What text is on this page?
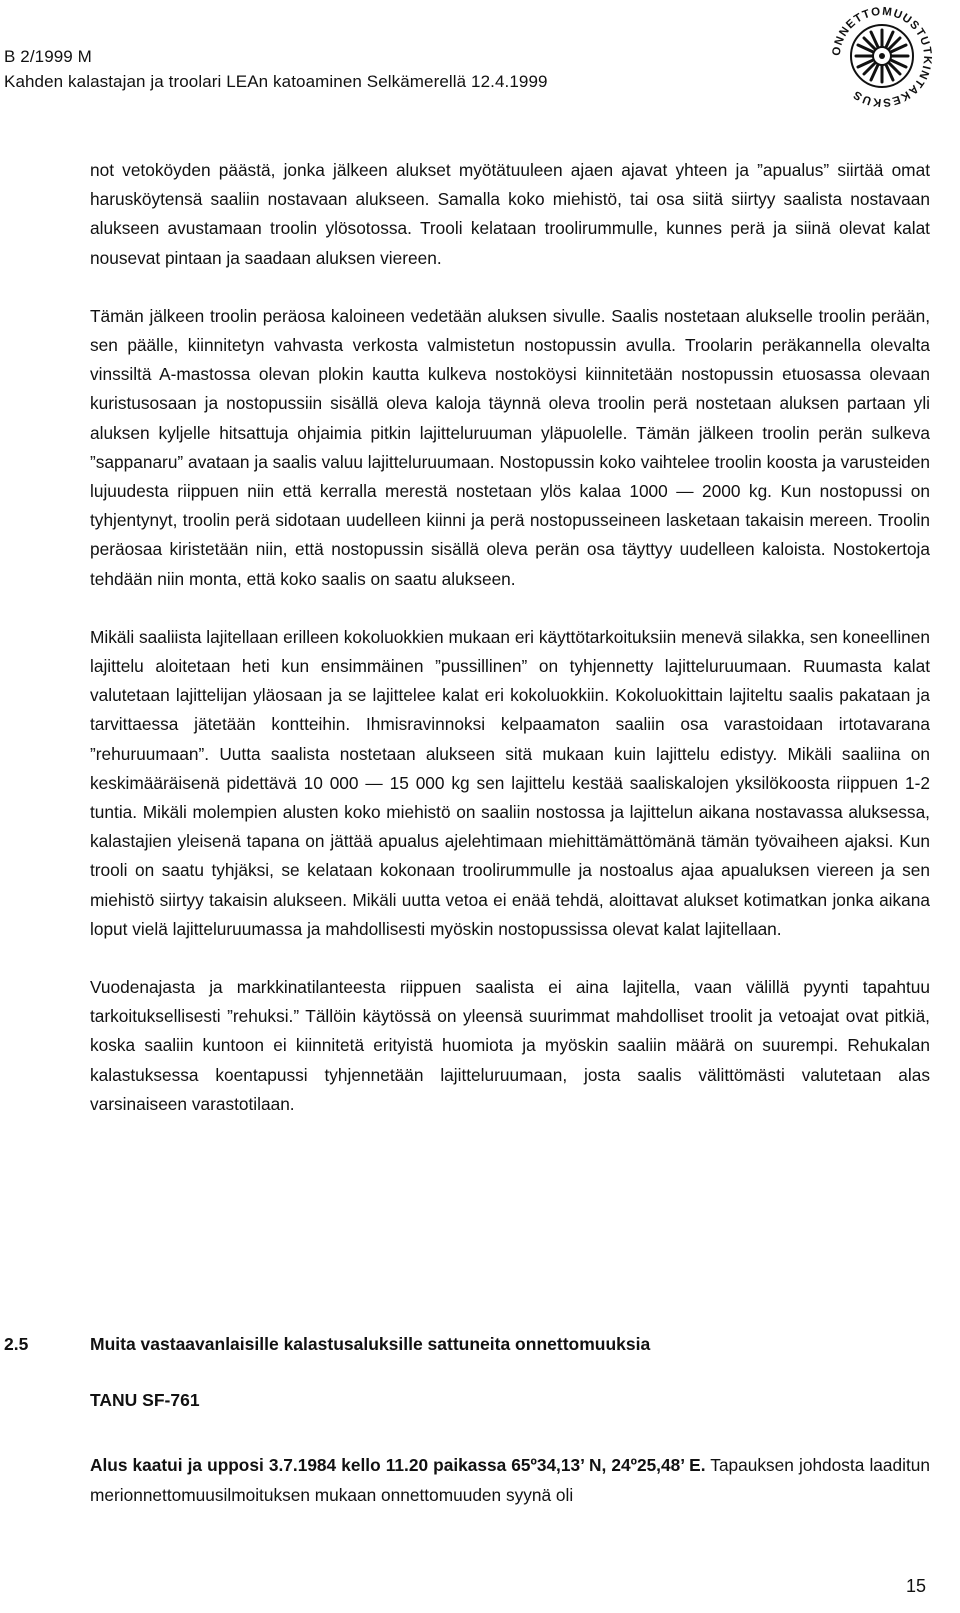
B 2/1999 M
Kahden kalastajan ja troolari LEAn katoaminen Selkämerellä 12.4.1999
ONNETTOMUUSTUTKINTAKESKUS

not vetoköyden päästä, jonka jälkeen alukset myötätuuleen ajaen ajavat yhteen ja ”apualus” siirtää omat harusköytensä saaliin nostavaan alukseen. Samalla koko miehistö, tai osa siitä siirtyy saalista nostavaan alukseen avustamaan troolin ylösotossa. Trooli kelataan troolirummulle, kunnes perä ja siinä olevat kalat nousevat pintaan ja saadaan aluksen viereen.

Tämän jälkeen troolin peräosa kaloineen vedetään aluksen sivulle. Saalis nostetaan alukselle troolin perään, sen päälle, kiinnitetyn vahvasta verkosta valmistetun nostopussin avulla. Troolarin peräkannella olevalta vinssiltä A-mastossa olevan plokin kautta kulkeva nostoköysi kiinnitetään nostopussin etuosassa olevaan kuristusosaan ja nostopussiin sisällä oleva kaloja täynnä oleva troolin perä nostetaan aluksen partaan yli aluksen kyljelle hitsattuja ohjaimia pitkin lajitteluruuman yläpuolelle. Tämän jälkeen troolin perän sulkeva ”sappanaru” avataan ja saalis valuu lajitteluruumaan. Nostopussin koko vaihtelee troolin koosta ja varusteiden lujuudesta riippuen niin että kerralla merestä nostetaan ylös kalaa 1000 — 2000 kg. Kun nostopussi on tyhjentynyt, troolin perä sidotaan uudelleen kiinni ja perä nostopusseineen lasketaan takaisin mereen. Troolin peräosaa kiristetään niin, että nostopussin sisällä oleva perän osa täyttyy uudelleen kaloista. Nostokertoja tehdään niin monta, että koko saalis on saatu alukseen.

Mikäli saaliista lajitellaan erilleen kokoluokkien mukaan eri käyttötarkoituksiin menevä silakka, sen koneellinen lajittelu aloitetaan heti kun ensimmäinen ”pussillinen” on tyhjennetty lajitteluruumaan. Ruumasta kalat valutetaan lajittelijan yläosaan ja se lajittelee kalat eri kokoluokkiin. Kokoluokittain lajiteltu saalis pakataan ja tarvittaessa jätetään kontteihin. Ihmisravinnoksi kelpaamaton saaliin osa varastoidaan irtotavarana ”rehuruumaan”. Uutta saalista nostetaan alukseen sitä mukaan kuin lajittelu edistyy. Mikäli saaliina on keskimääräisenä pidettävä 10 000 — 15 000 kg sen lajittelu kestää saaliskalojen yksilökoosta riippuen 1-2 tuntia. Mikäli molempien alusten koko miehistö on saaliin nostossa ja lajittelun aikana nostavassa aluksessa, kalastajien yleisenä tapana on jättää apualus ajelehtimaan miehittämättömänä tämän työvaiheen ajaksi. Kun trooli on saatu tyhjäksi, se kelataan kokonaan troolirummulle ja nostoalus ajaa apualuksen viereen ja sen miehistö siirtyy takaisin alukseen. Mikäli uutta vetoa ei enää tehdä, aloittavat alukset kotimatkan jonka aikana loput vielä lajitteluruumassa ja mahdollisesti myöskin nostopussissa olevat kalat lajitellaan.

Vuodenajasta ja markkinatilanteesta riippuen saalista ei aina lajitella, vaan välillä pyynti tapahtuu tarkoituksellisesti ”rehuksi.” Tällöin käytössä on yleensä suurimmat mahdolliset troolit ja vetoajat ovat pitkiä, koska saaliin kuntoon ei kiinnitetä erityistä huomiota ja myöskin saaliin määrä on suurempi. Rehukalan kalastuksessa koentapussi tyhjennetään lajitteluruumaan, josta saalis välittömästi valutetaan alas varsinaiseen varastotilaan.

2.5	Muita vastaavanlaisille kalastusaluksille sattuneita onnettomuuksia
TANU SF-761

Alus kaatui ja upposi 3.7.1984 kello 11.20 paikassa 65º34,13’ N, 24º25,48’ E. Tapauksen johdosta laaditun merionnettomuusilmoituksen mukaan onnettomuuden syynä oli

15
